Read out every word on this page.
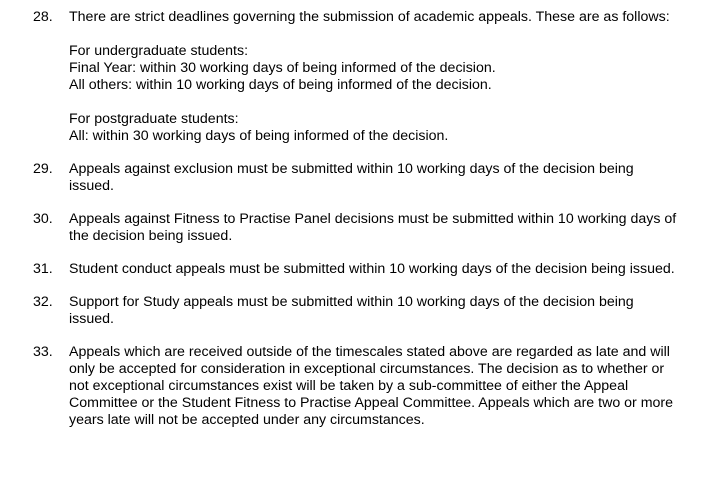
28. There are strict deadlines governing the submission of academic appeals. These are as follows:

For undergraduate students:
Final Year: within 30 working days of being informed of the decision.
All others: within 10 working days of being informed of the decision.
For postgraduate students:
All: within 30 working days of being informed of the decision.
29. Appeals against exclusion must be submitted within 10 working days of the decision being issued.

30. Appeals against Fitness to Practise Panel decisions must be submitted within 10 working days of the decision being issued.

31. Student conduct appeals must be submitted within 10 working days of the decision being issued.

32. Support for Study appeals must be submitted within 10 working days of the decision being issued.

33. Appeals which are received outside of the timescales stated above are regarded as late and will only be accepted for consideration in exceptional circumstances. The decision as to whether or not exceptional circumstances exist will be taken by a sub-committee of either the Appeal Committee or the Student Fitness to Practise Appeal Committee. Appeals which are two or more years late will not be accepted under any circumstances.
